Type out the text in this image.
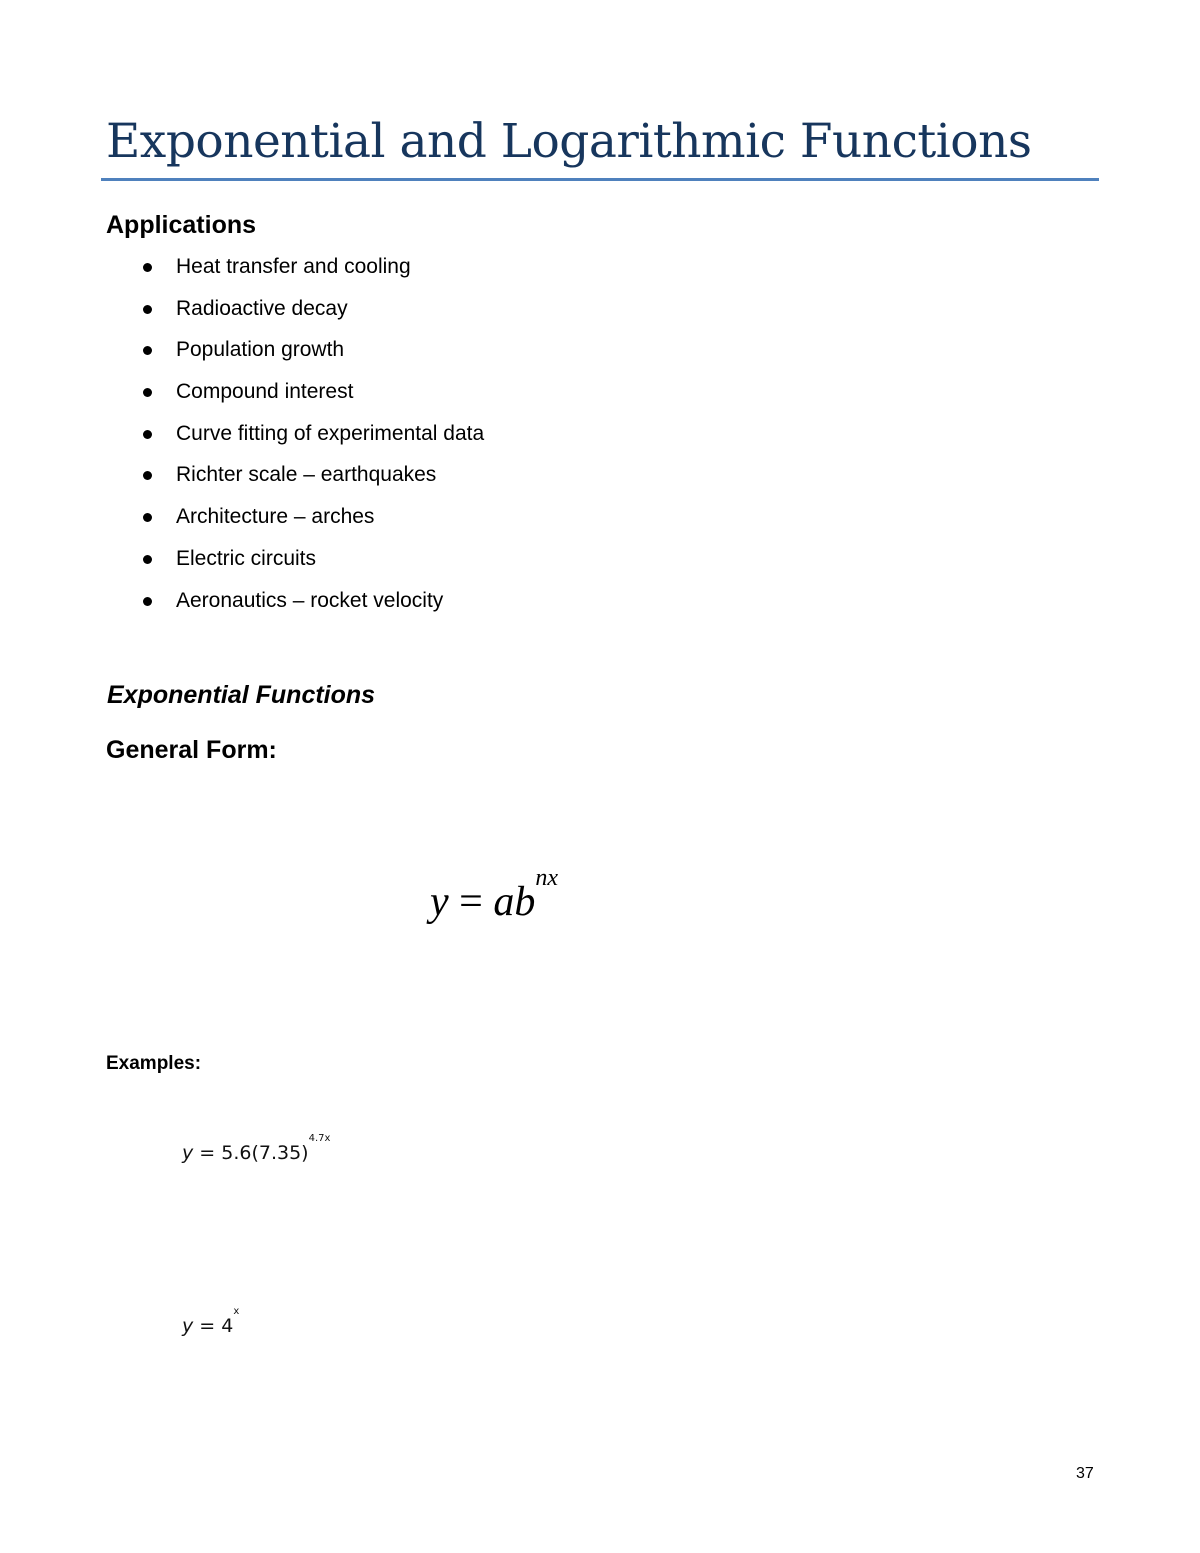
Exponential and Logarithmic Functions
Applications
Heat transfer and cooling
Radioactive decay
Population growth
Compound interest
Curve fitting of experimental data
Richter scale – earthquakes
Architecture – arches
Electric circuits
Aeronautics – rocket velocity
Exponential Functions
General Form:
$y = ab^{nx}$
Examples:
$y = 5.6(7.35)^{4.7x}$
$y = 4^x$
37
